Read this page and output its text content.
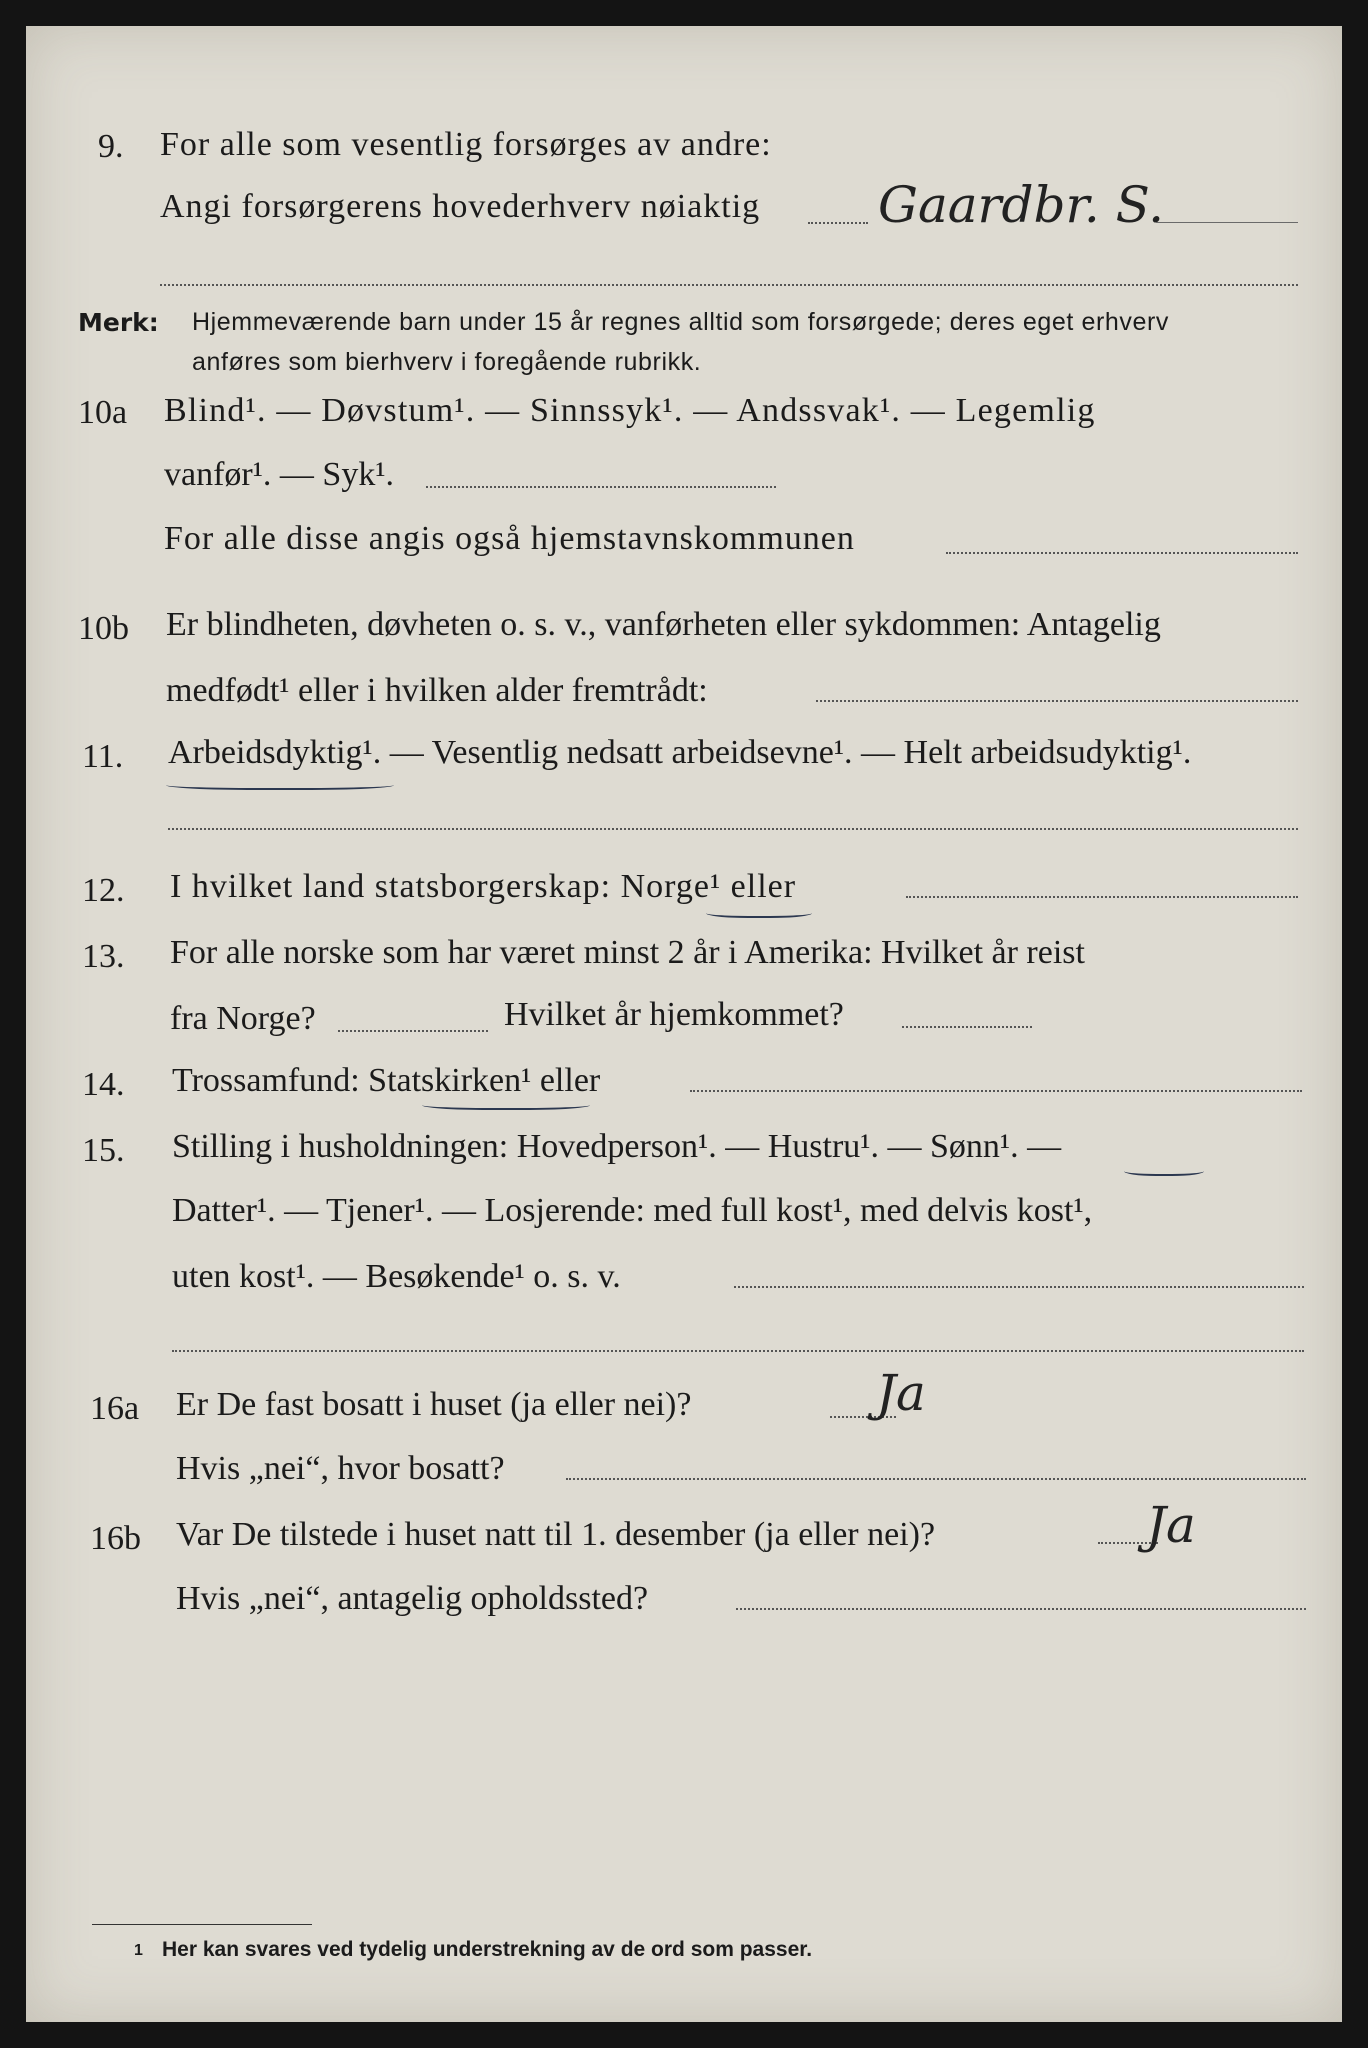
9. For alle som vesentlig forsørges av andre:
Angi forsørgerens hovederhverv nøiaktig Gaardbr. S.
Merk: Hjemmeværende barn under 15 år regnes alltid som forsørgede; deres eget erhverv
anføres som bierhverv i foregående rubrikk.
10a Blind¹. — Døvstum¹. — Sinnssyk¹. — Andssvak¹. — Legemlig
vanfør¹. — Syk¹.
For alle disse angis også hjemstavnskommunen
10b Er blindheten, døvheten o. s. v., vanførheten eller sykdommen: Antagelig
medfødt¹ eller i hvilken alder fremtrådt:
11. Arbeidsdyktig¹. — Vesentlig nedsatt arbeidsevne¹. — Helt arbeidsudyktig¹.
12. I hvilket land statsborgerskap: Norge¹ eller
13. For alle norske som har været minst 2 år i Amerika: Hvilket år reist
fra Norge?	Hvilket år hjemkommet?
14. Trossamfund: Statskirken¹ eller
15. Stilling i husholdningen: Hovedperson¹. — Hustru¹. — Sønn¹. —
Datter¹. — Tjener¹. — Losjerende: med full kost¹, med delvis kost¹,
uten kost¹. — Besøkende¹ o. s. v.
16a Er De fast bosatt i huset (ja eller nei)?	Ja
Hvis „nei“, hvor bosatt?
16b Var De tilstede i huset natt til 1. desember (ja eller nei)?	Ja
Hvis „nei“, antagelig opholdssted?
1 Her kan svares ved tydelig understrekning av de ord som passer.
